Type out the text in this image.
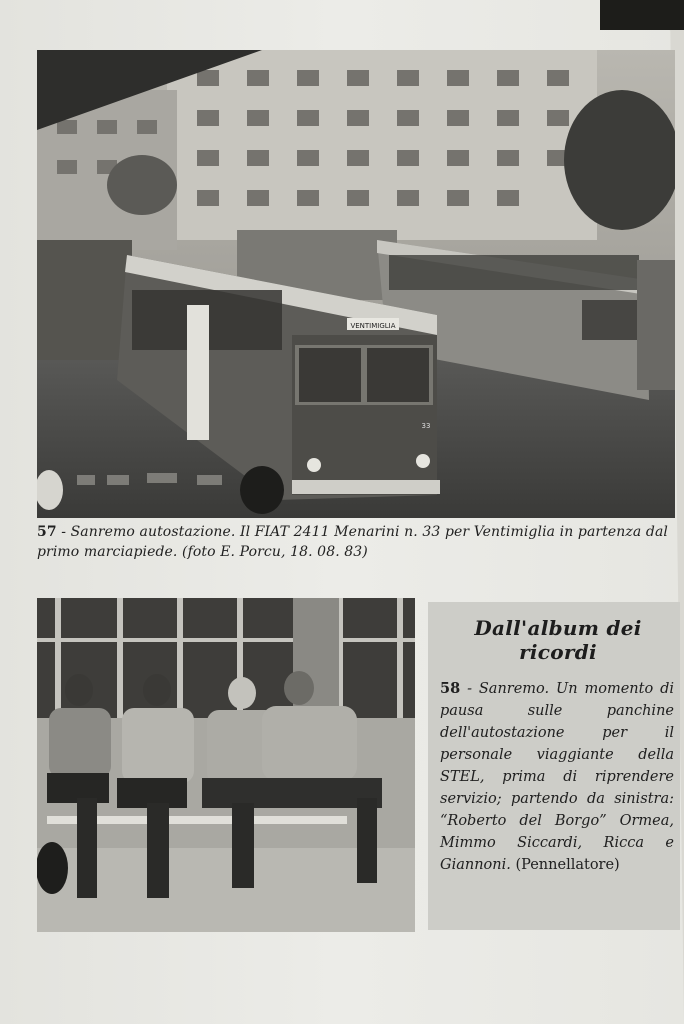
VENTIMIGLIA
33
57 - Sanremo autostazione. Il FIAT 2411 Menarini n. 33 per Ventimiglia in partenza dal primo marciapiede. (foto E. Porcu, 18. 08. 83)
Dall'album dei ricordi
58 - Sanremo. Un momento di pausa sulle panchine dell'autostazione per il personale viaggiante della STEL, prima di riprendere servizio; partendo da sinistra: “Roberto del Borgo” Ormea, Mimmo Siccardi, Ricca e Giannoni. (Pennellatore)
